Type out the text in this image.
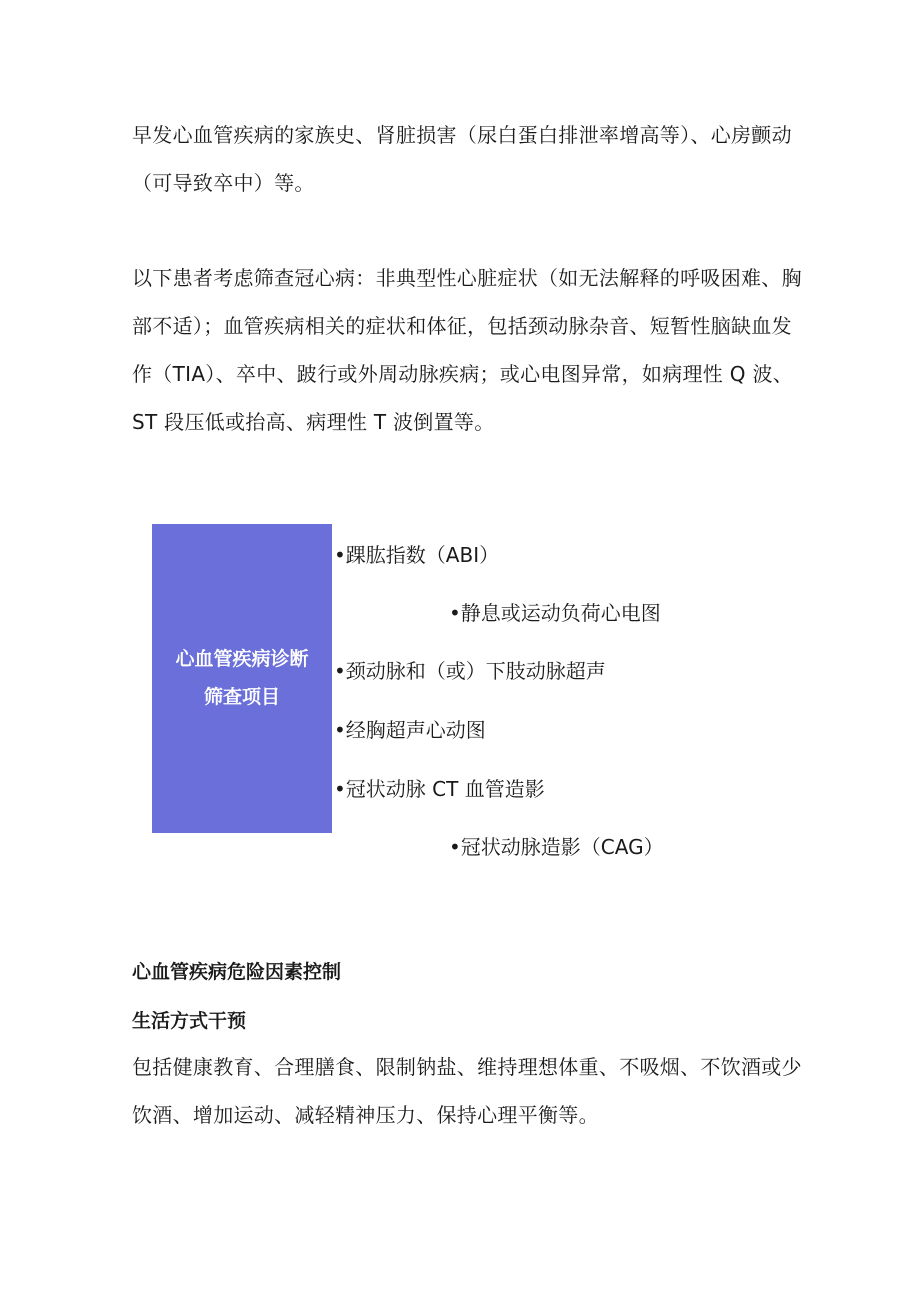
早发心血管疾病的家族史、肾脏损害（尿白蛋白排泄率增高等）、心房颤动（可导致卒中）等。

以下患者考虑筛查冠心病：非典型性心脏症状（如无法解释的呼吸困难、胸部不适）；血管疾病相关的症状和体征，包括颈动脉杂音、短暂性脑缺血发作（TIA）、卒中、跛行或外周动脉疾病；或心电图异常，如病理性 Q 波、ST 段压低或抬高、病理性 T 波倒置等。

心血管疾病诊断
筛查项目
•踝肱指数（ABI）
•静息或运动负荷心电图
•颈动脉和（或）下肢动脉超声
•经胸超声心动图
•冠状动脉 CT 血管造影
•冠状动脉造影（CAG）
心血管疾病危险因素控制
生活方式干预

包括健康教育、合理膳食、限制钠盐、维持理想体重、不吸烟、不饮酒或少饮酒、增加运动、减轻精神压力、保持心理平衡等。
